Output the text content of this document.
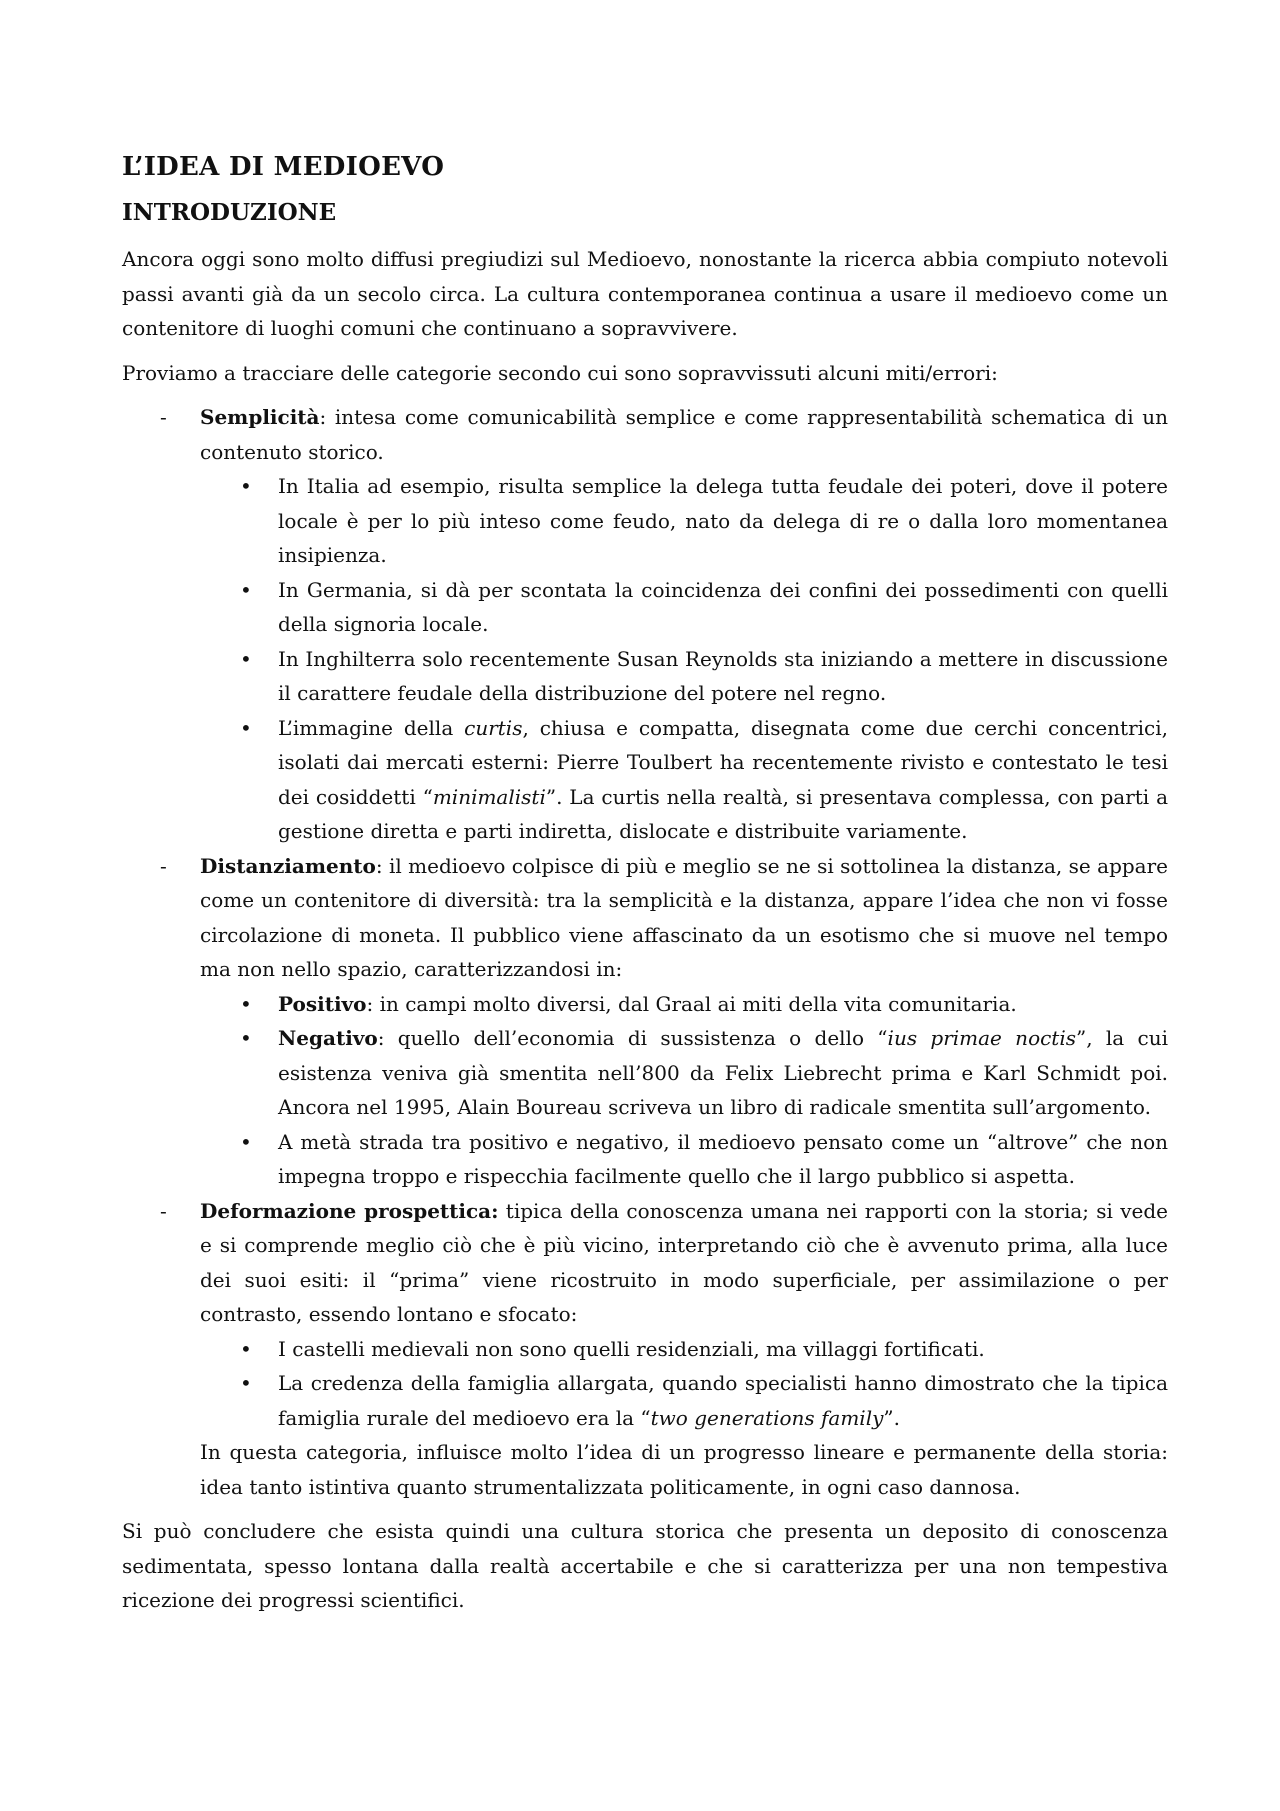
L’IDEA DI MEDIOEVO
INTRODUZIONE

Ancora oggi sono molto diffusi pregiudizi sul Medioevo, nonostante la ricerca abbia compiuto notevoli passi avanti già da un secolo circa. La cultura contemporanea continua a usare il medioevo come un contenitore di luoghi comuni che continuano a sopravvivere.

Proviamo a tracciare delle categorie secondo cui sono sopravvissuti alcuni miti/errori:

- Semplicità: intesa come comunicabilità semplice e come rappresentabilità schematica di un contenuto storico.
• In Italia ad esempio, risulta semplice la delega tutta feudale dei poteri, dove il potere locale è per lo più inteso come feudo, nato da delega di re o dalla loro momentanea insipienza.
• In Germania, si dà per scontata la coincidenza dei confini dei possedimenti con quelli della signoria locale.
• In Inghilterra solo recentemente Susan Reynolds sta iniziando a mettere in discussione il carattere feudale della distribuzione del potere nel regno.
• L’immagine della curtis, chiusa e compatta, disegnata come due cerchi concentrici, isolati dai mercati esterni: Pierre Toulbert ha recentemente rivisto e contestato le tesi dei cosiddetti “minimalisti”. La curtis nella realtà, si presentava complessa, con parti a gestione diretta e parti indiretta, dislocate e distribuite variamente.
- Distanziamento: il medioevo colpisce di più e meglio se ne si sottolinea la distanza, se appare come un contenitore di diversità: tra la semplicità e la distanza, appare l’idea che non vi fosse circolazione di moneta. Il pubblico viene affascinato da un esotismo che si muove nel tempo ma non nello spazio, caratterizzandosi in:
• Positivo: in campi molto diversi, dal Graal ai miti della vita comunitaria.
• Negativo: quello dell’economia di sussistenza o dello “ius primae noctis”, la cui esistenza veniva già smentita nell’800 da Felix Liebrecht prima e Karl Schmidt poi. Ancora nel 1995, Alain Boureau scriveva un libro di radicale smentita sull’argomento.
• A metà strada tra positivo e negativo, il medioevo pensato come un “altrove” che non impegna troppo e rispecchia facilmente quello che il largo pubblico si aspetta.
- Deformazione prospettica: tipica della conoscenza umana nei rapporti con la storia; si vede e si comprende meglio ciò che è più vicino, interpretando ciò che è avvenuto prima, alla luce dei suoi esiti: il “prima” viene ricostruito in modo superficiale, per assimilazione o per contrasto, essendo lontano e sfocato:
• I castelli medievali non sono quelli residenziali, ma villaggi fortificati.
• La credenza della famiglia allargata, quando specialisti hanno dimostrato che la tipica famiglia rurale del medioevo era la “two generations family”.
In questa categoria, influisce molto l’idea di un progresso lineare e permanente della storia: idea tanto istintiva quanto strumentalizzata politicamente, in ogni caso dannosa.

Si può concludere che esista quindi una cultura storica che presenta un deposito di conoscenza sedimentata, spesso lontana dalla realtà accertabile e che si caratterizza per una non tempestiva ricezione dei progressi scientifici.
